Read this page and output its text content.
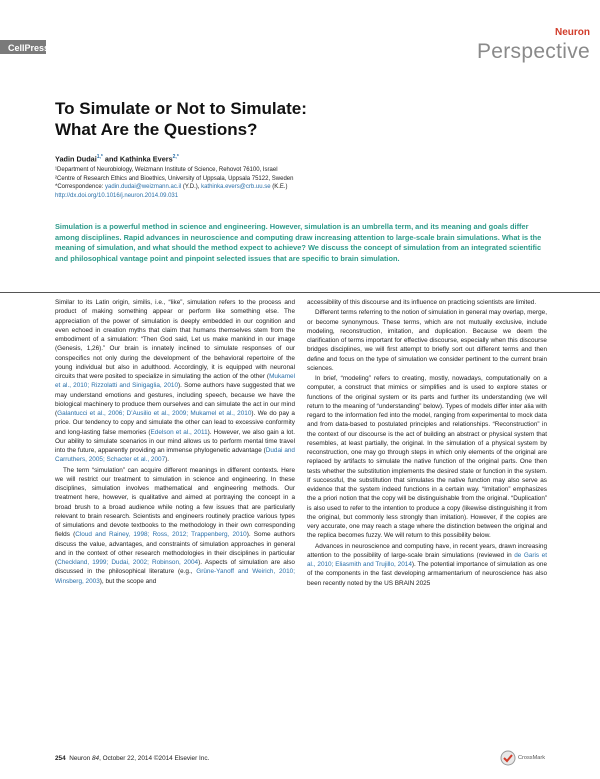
CellPress
Neuron
Perspective
To Simulate or Not to Simulate:
What Are the Questions?
Yadin Dudai$^{1,*}$ and Kathinka Evers$^{2,*}$
¹Department of Neurobiology, Weizmann Institute of Science, Rehovot 76100, Israel
²Centre of Research Ethics and Bioethics, University of Uppsala, Uppsala 75122, Sweden
*Correspondence: yadin.dudai@weizmann.ac.il (Y.D.), kathinka.evers@crb.uu.se (K.E.)
http://dx.doi.org/10.1016/j.neuron.2014.09.031
Simulation is a powerful method in science and engineering. However, simulation is an umbrella term, and its meaning and goals differ among disciplines. Rapid advances in neuroscience and computing draw increasing attention to large-scale brain simulations. What is the meaning of simulation, and what should the method expect to achieve? We discuss the concept of simulation from an integrated scientific and philosophical vantage point and pinpoint selected issues that are specific to brain simulation.

Similar to its Latin origin, similis, i.e., “like”, simulation refers to the process and product of making something appear or perform like something else. The appreciation of the power of simulation is deeply embedded in our cognition and even echoed in creation myths that claim that humans themselves stem from the embodiment of a simulation: “Then God said, Let us make mankind in our image (Genesis, 1,26).” Our brain is innately inclined to simulate responses of our conspecifics not only during the development of the behavioral repertoire of the young individual but also in adulthood. Accordingly, it is equipped with neuronal circuits that were posited to specialize in simulating the action of the other (Mukamel et al., 2010; Rizzolatti and Sinigaglia, 2010). Some authors have suggested that we may understand emotions and gestures, including speech, because we have the biological machinery to produce them ourselves and can simulate the act in our mind (Galantucci et al., 2006; D’Ausilio et al., 2009; Mukamel et al., 2010). We do pay a price. Our tendency to copy and simulate the other can lead to excessive conformity and long-lasting false memories (Edelson et al., 2011). However, we also gain a lot. Our ability to simulate scenarios in our mind allows us to perform mental time travel into the future, apparently providing an immense phylogenetic advantage (Dudai and Carruthers, 2005; Schacter et al., 2007).

The term “simulation” can acquire different meanings in different contexts. Here we will restrict our treatment to simulation in science and engineering. In these disciplines, simulation involves mathematical and engineering methods. Our treatment here, however, is qualitative and aimed at portraying the concept in a broad brush to a broad audience while noting a few issues that are particularly relevant to brain research. Scientists and engineers routinely practice various types of simulations and devote textbooks to the methodology in their own corresponding fields (Cloud and Rainey, 1998; Ross, 2012; Trappenberg, 2010). Some authors discuss the value, advantages, and constraints of simulation approaches in general and in the context of other research methodologies in their disciplines in particular (Checkland, 1999; Dudai, 2002; Robinson, 2004). Aspects of simulation are also discussed in the philosophical literature (e.g., Grüne-Yanoff and Weirich, 2010; Winsberg, 2003), but the scope and

accessibility of this discourse and its influence on practicing scientists are limited.

Different terms referring to the notion of simulation in general may overlap, merge, or become synonymous. These terms, which are not mutually exclusive, include modeling, reconstruction, imitation, and duplication. Because we deem the clarification of terms important for effective discourse, especially when this discourse bridges disciplines, we will first attempt to briefly sort out different terms and then define and focus on the type of simulation we consider pertinent to the current brain sciences.

In brief, “modeling” refers to creating, mostly, nowadays, computationally on a computer, a construct that mimics or simplifies and is used to explore states or functions of the original system or its parts and further its understanding (we will return to the meaning of “understanding” below). Types of models differ inter alia with regard to the information fed into the model, ranging from experimental to mock data and from data-based to postulated principles and relationships. “Reconstruction” in the context of our discourse is the act of building an abstract or physical system that resembles, at least partially, the original. In the simulation of a physical system by reconstruction, one may go through steps in which only elements of the original are replaced by artifacts to simulate the native function of the original parts. One then tests whether the substitution implements the desired state or function in the system. If successful, the substitution that simulates the native function may also serve as evidence that the system indeed functions in a certain way. “Imitation” emphasizes the a priori notion that the copy will be distinguishable from the original. “Duplication” is also used to refer to the intention to produce a copy (likewise distinguishing it from the original, but commonly less strongly than imitation). However, if the copies are very accurate, one may reach a stage where the distinction between the original and the replica becomes fuzzy. We will return to this possibility below.

Advances in neuroscience and computing have, in recent years, drawn increasing attention to the possibility of large-scale brain simulations (reviewed in de Garis et al., 2010; Eliasmith and Trujillo, 2014). The potential importance of simulation as one of the components in the fast developing armamentarium of neuroscience has also been recently noted by the US BRAIN 2025

254 Neuron 84, October 22, 2014 ©2014 Elsevier Inc.	CrossMark
